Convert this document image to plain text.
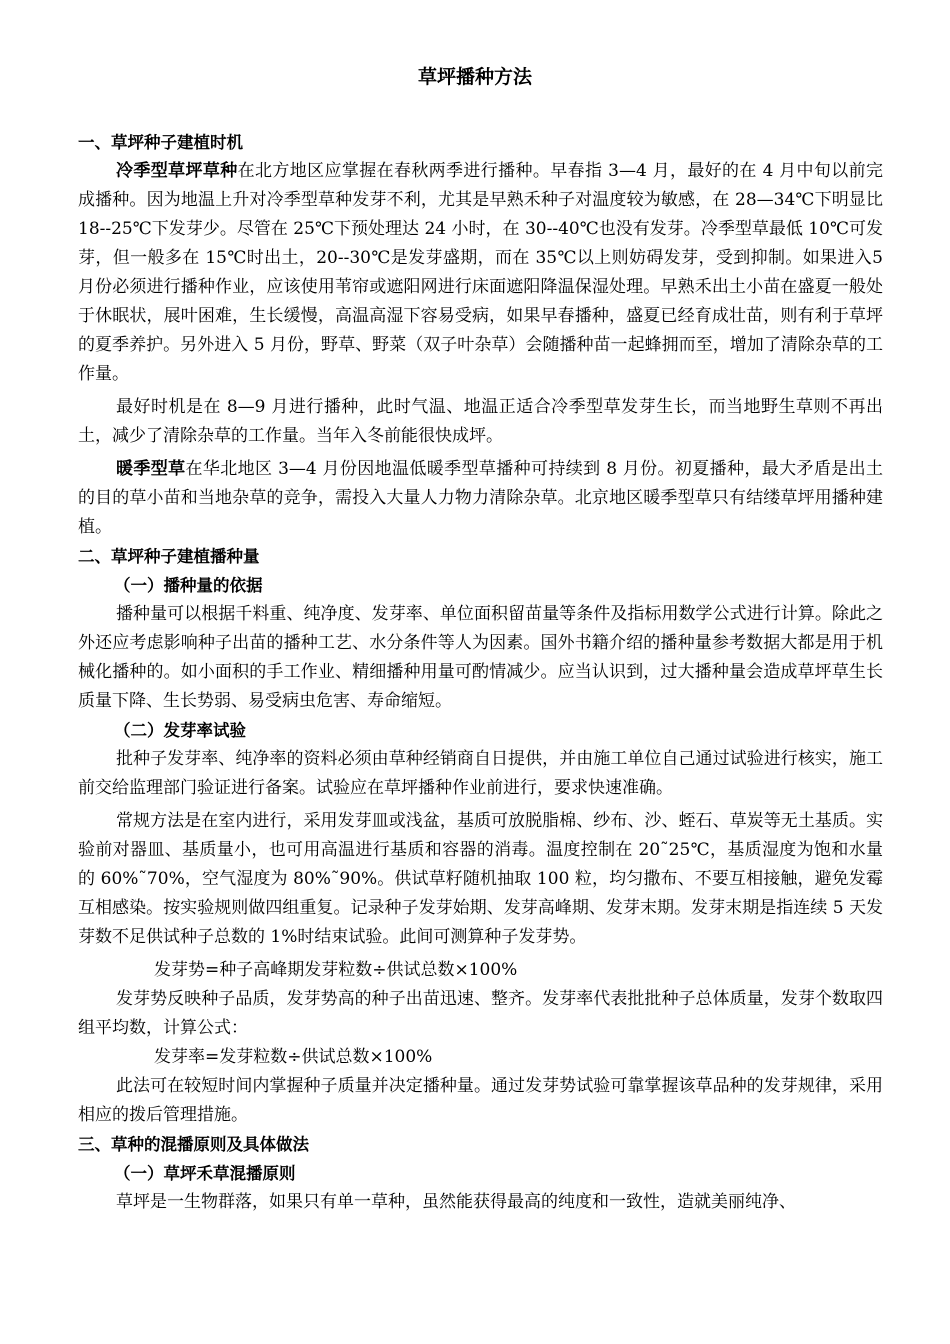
草坪播种方法
一、草坪种子建植时机

冷季型草坪草种在北方地区应掌握在春秋两季进行播种。早春指 3—4 月，最好的在 4 月中旬以前完成播种。因为地温上升对冷季型草种发芽不利，尤其是早熟禾种子对温度较为敏感，在 28—34℃下明显比 18--25℃下发芽少。尽管在 25℃下预处理达 24 小时，在 30--40℃也没有发芽。冷季型草最低 10℃可发芽，但一般多在 15℃时出土，20--30℃是发芽盛期，而在 35℃以上则妨碍发芽，受到抑制。如果进入5 月份必须进行播种作业，应该使用苇帘或遮阳网进行床面遮阳降温保湿处理。早熟禾出土小苗在盛夏一般处于休眠状，展叶困难，生长缓慢，高温高湿下容易受病，如果早春播种，盛夏已经育成壮苗，则有利于草坪的夏季养护。另外进入 5 月份，野草、野菜（双子叶杂草）会随播种苗一起蜂拥而至，增加了清除杂草的工作量。

最好时机是在 8—9 月进行播种，此时气温、地温正适合冷季型草发芽生长，而当地野生草则不再出土，减少了清除杂草的工作量。当年入冬前能很快成坪。

暖季型草在华北地区 3—4 月份因地温低暖季型草播种可持续到 8 月份。初夏播种，最大矛盾是出土的目的草小苗和当地杂草的竞争，需投入大量人力物力清除杂草。北京地区暖季型草只有结缕草坪用播种建植。

二、草坪种子建植播种量
（一）播种量的依据

播种量可以根据千料重、纯净度、发芽率、单位面积留苗量等条件及指标用数学公式进行计算。除此之外还应考虑影响种子出苗的播种工艺、水分条件等人为因素。国外书籍介绍的播种量参考数据大都是用于机械化播种的。如小面积的手工作业、精细播种用量可酌情减少。应当认识到，过大播种量会造成草坪草生长质量下降、生长势弱、易受病虫危害、寿命缩短。

（二）发芽率试验

批种子发芽率、纯净率的资料必须由草种经销商自日提供，并由施工单位自己通过试验进行核实，施工前交给监理部门验证进行备案。试验应在草坪播种作业前进行，要求快速准确。

常规方法是在室内进行，采用发芽皿或浅盆，基质可放脱脂棉、纱布、沙、蛭石、草炭等无土基质。实验前对器皿、基质量小，也可用高温进行基质和容器的消毒。温度控制在 20˜25℃，基质湿度为饱和水量的 60%˜70%，空气湿度为 80%˜90%。供试草籽随机抽取 100 粒，均匀撒布、不要互相接触，避免发霉互相感染。按实验规则做四组重复。记录种子发芽始期、发芽高峰期、发芽末期。发芽末期是指连续 5 天发芽数不足供试种子总数的 1%时结束试验。此间可测算种子发芽势。

发芽势=种子高峰期发芽粒数÷供试总数×100%

发芽势反映种子品质，发芽势高的种子出苗迅速、整齐。发芽率代表批批种子总体质量，发芽个数取四组平均数，计算公式：

发芽率=发芽粒数÷供试总数×100%

此法可在较短时间内掌握种子质量并决定播种量。通过发芽势试验可靠掌握该草品种的发芽规律，采用相应的拨后管理措施。

三、草种的混播原则及具体做法
（一）草坪禾草混播原则

草坪是一生物群落，如果只有单一草种，虽然能获得最高的纯度和一致性，造就美丽纯净、
